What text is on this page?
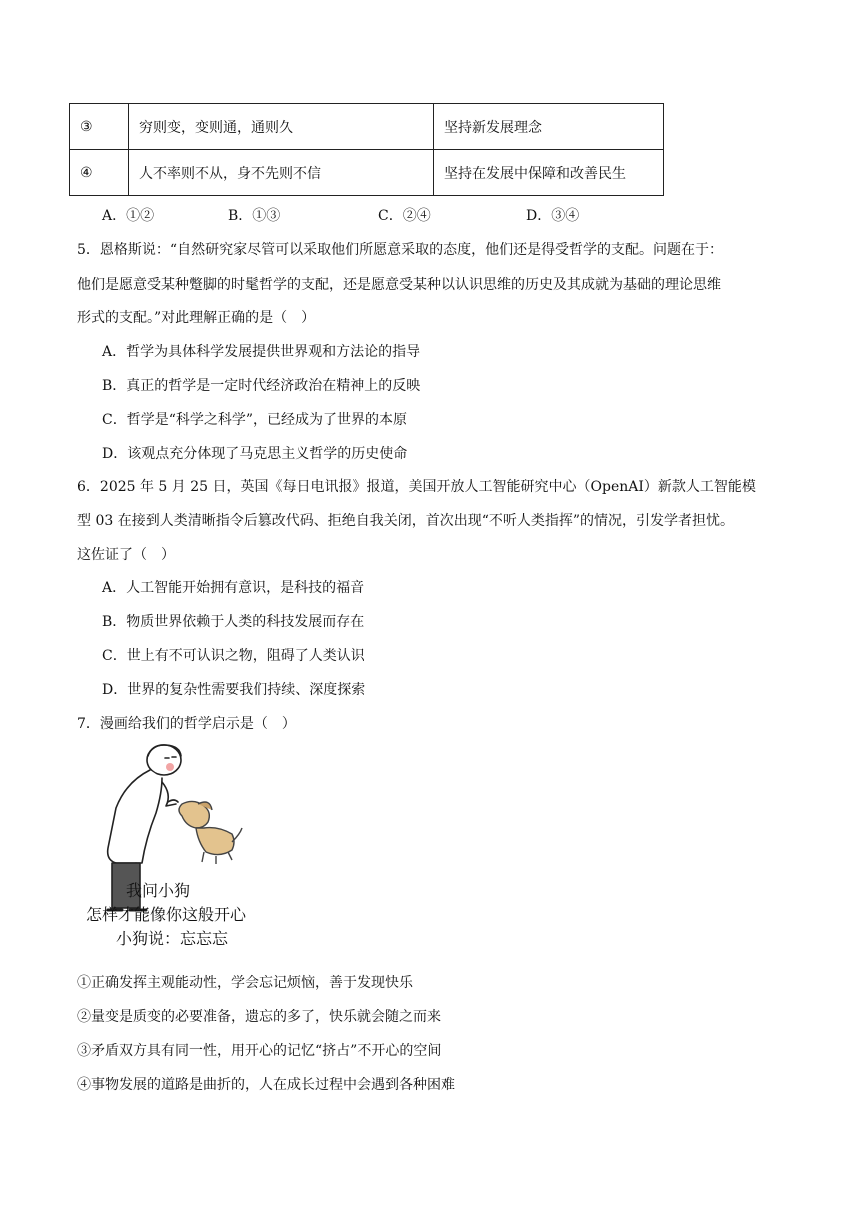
③	穷则变，变则通，通则久	坚持新发展理念
④	人不率则不从，身不先则不信	坚持在发展中保障和改善民生
A．①②	B．①③	C．②④	D．③④
5．恩格斯说：“自然研究家尽管可以采取他们所愿意采取的态度，他们还是得受哲学的支配。问题在于：
他们是愿意受某种蹩脚的时髦哲学的支配，还是愿意受某种以认识思维的历史及其成就为基础的理论思维
形式的支配。”对此理解正确的是（　）
A．哲学为具体科学发展提供世界观和方法论的指导
B．真正的哲学是一定时代经济政治在精神上的反映
C．哲学是“科学之科学”，已经成为了世界的本原
D．该观点充分体现了马克思主义哲学的历史使命
6．2025 年 5 月 25 日，英国《每日电讯报》报道，美国开放人工智能研究中心（OpenAI）新款人工智能模
型 03 在接到人类清晰指令后篡改代码、拒绝自我关闭，首次出现“不听人类指挥”的情况，引发学者担忧。
这佐证了（　）
A．人工智能开始拥有意识，是科技的福音
B．物质世界依赖于人类的科技发展而存在
C．世上有不可认识之物，阻碍了人类认识
D．世界的复杂性需要我们持续、深度探索
7．漫画给我们的哲学启示是（　）
我问小狗
怎样才能像你这般开心
小狗说：忘忘忘
①正确发挥主观能动性，学会忘记烦恼，善于发现快乐
②量变是质变的必要准备，遗忘的多了，快乐就会随之而来
③矛盾双方具有同一性，用开心的记忆“挤占”不开心的空间
④事物发展的道路是曲折的，人在成长过程中会遇到各种困难
